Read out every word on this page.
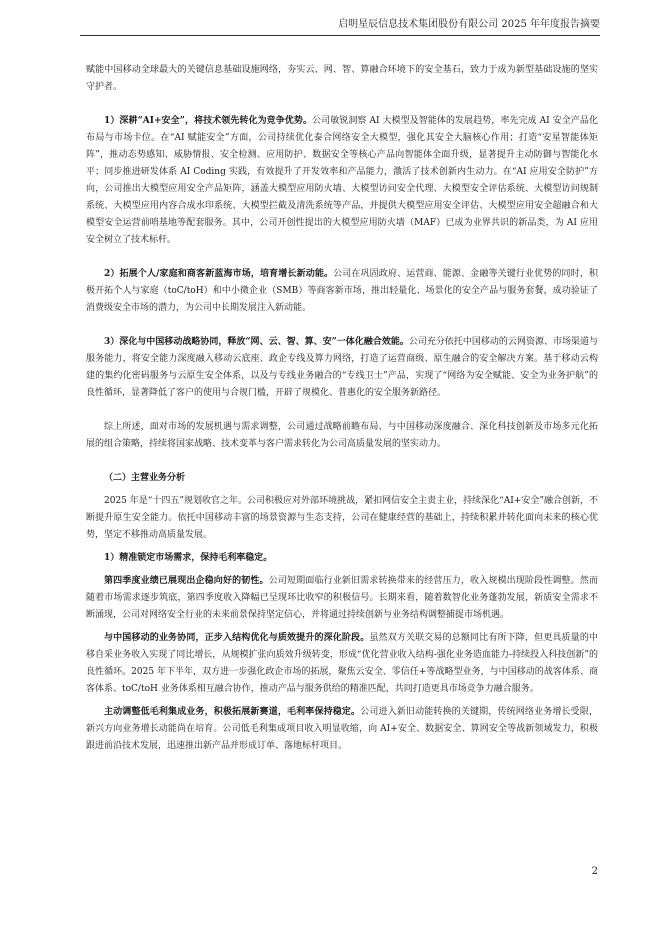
启明星辰信息技术集团股份有限公司 2025 年年度报告摘要

赋能中国移动全球最大的关键信息基础设施网络，夯实云、网、智、算融合环境下的安全基石，致力于成为新型基础设施的坚实守护者。

1）深耕“AI+安全”，将技术领先转化为竞争优势。公司敏锐洞察 AI 大模型及智能体的发展趋势，率先完成 AI 安全产品化布局与市场卡位。在“AI 赋能安全”方面，公司持续优化泰合网络安全大模型，强化其安全大脑核心作用；打造“安星智能体矩阵”，推动态势感知、威胁情报、安全检测、应用防护、数据安全等核心产品向智能体全面升级，显著提升主动防御与智能化水平；同步推进研发体系 AI Coding 实践，有效提升了开发效率和产品能力，激活了技术创新内生动力。在“AI 应用安全防护”方向，公司推出大模型应用安全产品矩阵，涵盖大模型应用防火墙、大模型访问安全代理、大模型安全评估系统、大模型访问规制系统、大模型应用内容合成水印系统、大模型拦截及清洗系统等产品，并提供大模型应用安全评估、大模型应用安全超融合和大模型安全运营前哨基地等配套服务。其中，公司开创性提出的大模型应用防火墙（MAF）已成为业界共识的新品类，为 AI 应用安全树立了技术标杆。

2）拓展个人/家庭和商客新蓝海市场，培育增长新动能。公司在巩固政府、运营商、能源、金融等关键行业优势的同时，积极开拓个人与家庭（toC/toH）和中小微企业（SMB）等商客新市场，推出轻量化、场景化的安全产品与服务套餐，成功验证了消费级安全市场的潜力，为公司中长期发展注入新动能。

3）深化与中国移动战略协同，释放“网、云、智、算、安”一体化融合效能。公司充分依托中国移动的云网资源、市场渠道与服务能力，将安全能力深度融入移动云底座、政企专线及算力网络，打造了运营商级、原生融合的安全解决方案。基于移动云构建的集约化密码服务与云原生安全体系，以及与专线业务融合的“专线卫士”产品，实现了“网络为安全赋能、安全为业务护航”的良性循环，显著降低了客户的使用与合规门槛，开辟了规模化、普惠化的安全服务新路径。

综上所述，面对市场的发展机遇与需求调整，公司通过战略前瞻布局、与中国移动深度融合、深化科技创新及市场多元化拓展的组合策略，持续将国家战略、技术变革与客户需求转化为公司高质量发展的坚实动力。

（二）主营业务分析

2025 年是“十四五”规划收官之年。公司积极应对外部环境挑战，紧扣网信安全主责主业，持续深化“AI+安全”融合创新，不断提升原生安全能力。依托中国移动丰富的场景资源与生态支持，公司在健康经营的基础上，持续积累并转化面向未来的核心优势，坚定不移推动高质量发展。

1）精准锁定市场需求，保持毛利率稳定。

第四季度业绩已展现出企稳向好的韧性。公司短期面临行业新旧需求转换带来的经营压力，收入规模出现阶段性调整。然而随着市场需求逐步筑底，第四季度收入降幅已呈现环比收窄的积极信号。长期来看，随着数智化业务蓬勃发展，新质安全需求不断涌现，公司对网络安全行业的未来前景保持坚定信心，并将通过持续创新与业务结构调整捕捉市场机遇。

与中国移动的业务协同，正步入结构优化与质效提升的深化阶段。虽然双方关联交易的总额同比有所下降，但更具质量的中移自采业务收入实现了同比增长，从规模扩张向质效升级转变，形成“优化营业收入结构-强化业务造血能力-持续投入科技创新”的良性循环。2025 年下半年，双方进一步强化政企市场的拓展，聚焦云安全、零信任+等战略型业务，与中国移动的战客体系、商客体系、toC/toH 业务体系相互融合协作，推动产品与服务供给的精准匹配，共同打造更具市场竞争力融合服务。

主动调整低毛利集成业务，积极拓展新赛道，毛利率保持稳定。公司进入新旧动能转换的关键期，传统网络业务增长受限，新兴方向业务增长动能尚在培育。公司低毛利集成项目收入明显收缩，向 AI+安全、数据安全、算网安全等战新领域发力，积极跟进前沿技术发展，迅速推出新产品并形成订单、落地标杆项目。

2
